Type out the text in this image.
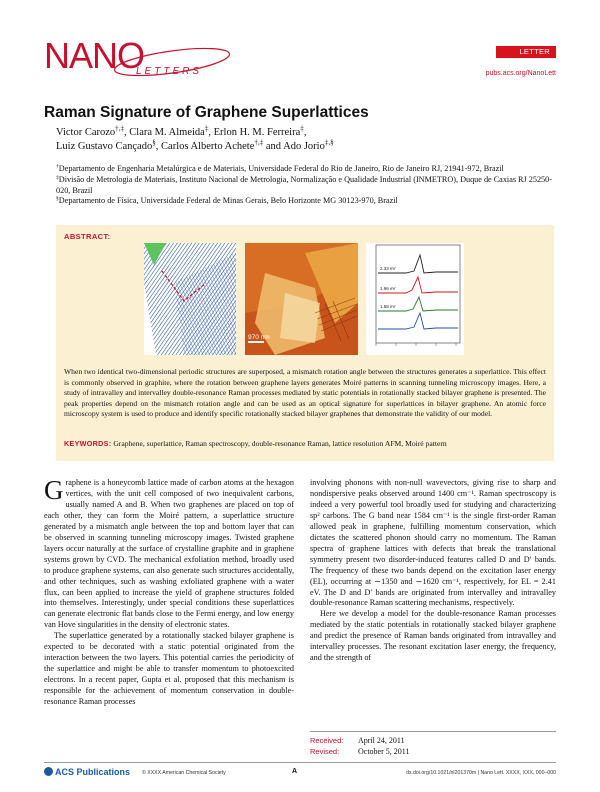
NANO
LETTERS
LETTER
pubs.acs.org/NanoLett
Raman Signature of Graphene Superlattices
Victor Carozo†,‡, Clara M. Almeida‡, Erlon H. M. Ferreira‡,
Luiz Gustavo Cançado§, Carlos Alberto Achete†,‡ and Ado Jorio‡,§

†Departamento de Engenharia Metalúrgica e de Materiais, Universidade Federal do Rio de Janeiro, Rio de Janeiro RJ, 21941-972, Brazil

‡Divisão de Metrologia de Materiais, Instituto Nacional de Metrologia, Normalização e Qualidade Industrial (INMETRO), Duque de Caxias RJ 25250-020, Brazil

§Departamento de Física, Universidade Federal de Minas Gerais, Belo Horizonte MG 30123-970, Brazil

ABSTRACT:
970 nm
2.33 eV
1.96 eV
1.58 eV
When two identical two-dimensional periodic structures are superposed, a mismatch rotation angle between the structures generates a superlattice. This effect is commonly observed in graphite, where the rotation between graphene layers generates Moiré patterns in scanning tunneling microscopy images. Here, a study of intravalley and intervalley double-resonance Raman processes mediated by static potentials in rotationally stacked bilayer graphene is presented. The peak properties depend on the mismatch rotation angle and can be used as an optical signature for superlattices in bilayer graphene. An atomic force microscopy system is used to produce and identify specific rotationally stacked bilayer graphenes that demonstrate the validity of our model.
KEYWORDS: Graphene, superlattice, Raman spectroscopy, double-resonance Raman, lattice resolution AFM, Moiré pattern

Graphene is a honeycomb lattice made of carbon atoms at the hexagon vertices, with the unit cell composed of two inequivalent carbons, usually named A and B. When two graphenes are placed on top of each other, they can form the Moiré pattern, a superlattice structure generated by a mismatch angle between the top and bottom layer that can be observed in scanning tunneling microscopy images. Twisted graphene layers occur naturally at the surface of crystalline graphite and in graphene systems grown by CVD. The mechanical exfoliation method, broadly used to produce graphene systems, can also generate such structures accidentally, and other techniques, such as washing exfoliated graphene with a water flux, can been applied to increase the yield of graphene structures folded into themselves. Interestingly, under special conditions these superlattices can generate electronic flat bands close to the Fermi energy, and low energy van Hove singularities in the density of electronic states.

The superlattice generated by a rotationally stacked bilayer graphene is expected to be decorated with a static potential originated from the interaction between the two layers. This potential carries the periodicity of the superlattice and might be able to transfer momentum to photoexcited electrons. In a recent paper, Gupta et al. proposed that this mechanism is responsible for the achievement of momentum conservation in double-resonance Raman processes

involving phonons with non-null wavevectors, giving rise to sharp and nondispersive peaks observed around 1400 cm⁻¹. Raman spectroscopy is indeed a very powerful tool broadly used for studying and characterizing sp² carbons. The G band near 1584 cm⁻¹ is the single first-order Raman allowed peak in graphene, fulfilling momentum conservation, which dictates the scattered phonon should carry no momentum. The Raman spectra of graphene lattices with defects that break the translational symmetry present two disorder-induced features called D and D′ bands. The frequency of these two bands depend on the excitation laser energy (EL), occurring at ∼1350 and ∼1620 cm⁻¹, respectively, for EL = 2.41 eV. The D and D′ bands are originated from intervalley and intravalley double-resonance Raman scattering mechanisms, respectively.

Here we develop a model for the double-resonance Raman processes mediated by the static potentials in rotationally stacked bilayer graphene and predict the presence of Raman bands originated from intravalley and intervalley processes. The resonant excitation laser energy, the frequency, and the strength of

Received: April 24, 2011
Revised: October 5, 2011
ACS Publications © XXXX American Chemical Society	A	dx.doi.org/10.1021/nl201370m | Nano Lett. XXXX, XXX, 000–000
